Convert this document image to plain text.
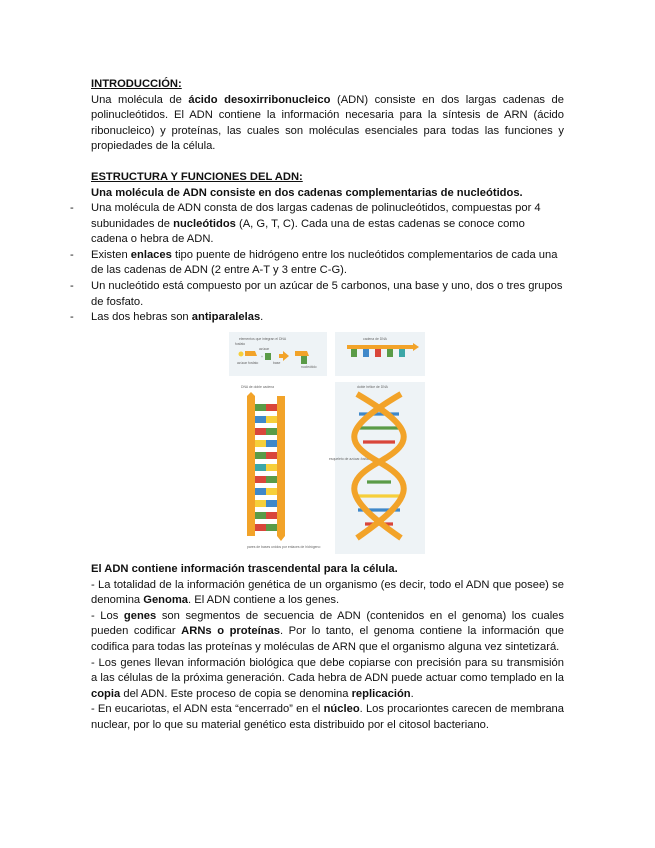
INTRODUCCIÓN:

Una molécula de ácido desoxirribonucleico (ADN) consiste en dos largas cadenas de polinucleótidos. El ADN contiene la información necesaria para la síntesis de ARN (ácido ribonucleico) y proteínas, las cuales son moléculas esenciales para todas las funciones y propiedades de la célula.

ESTRUCTURA Y FUNCIONES DEL ADN:
Una molécula de ADN consiste en dos cadenas complementarias de nucleótidos.
-	Una molécula de ADN consta de dos largas cadenas de polinucleótidos, compuestas por 4 subunidades de nucleótidos (A, G, T, C). Cada una de estas cadenas se conoce como cadena o hebra de ADN.
-	Existen enlaces tipo puente de hidrógeno entre los nucleótidos complementarios de cada una de las cadenas de ADN (2 entre A-T y 3 entre C-G).
-	Un nucleótido está compuesto por un azúcar de 5 carbonos, una base y uno, dos o tres grupos de fosfato.
-	Las dos hebras son antiparalelas.
elementos que integran el DNA	cadena de DNA
DNA de doble cadena	doble hélice de DNA
fosfato
azúcar
azúcar fosfato	base
nucleótido
esqueleto de azúcar-fosfato
pares de bases unidos por enlaces de hidrógeno
+
El ADN contiene información trascendental para la célula.

- La totalidad de la información genética de un organismo (es decir, todo el ADN que posee) se denomina Genoma. El ADN contiene a los genes.

- Los genes son segmentos de secuencia de ADN (contenidos en el genoma) los cuales pueden codificar ARNs o proteínas. Por lo tanto, el genoma contiene la información que codifica para todas las proteínas y moléculas de ARN que el organismo alguna vez sintetizará.

- Los genes llevan información biológica que debe copiarse con precisión para su transmisión a las células de la próxima generación. Cada hebra de ADN puede actuar como templado en la copia del ADN. Este proceso de copia se denomina replicación.

- En eucariotas, el ADN esta “encerrado” en el núcleo. Los procariontes carecen de membrana nuclear, por lo que su material genético esta distribuido por el citosol bacteriano.
